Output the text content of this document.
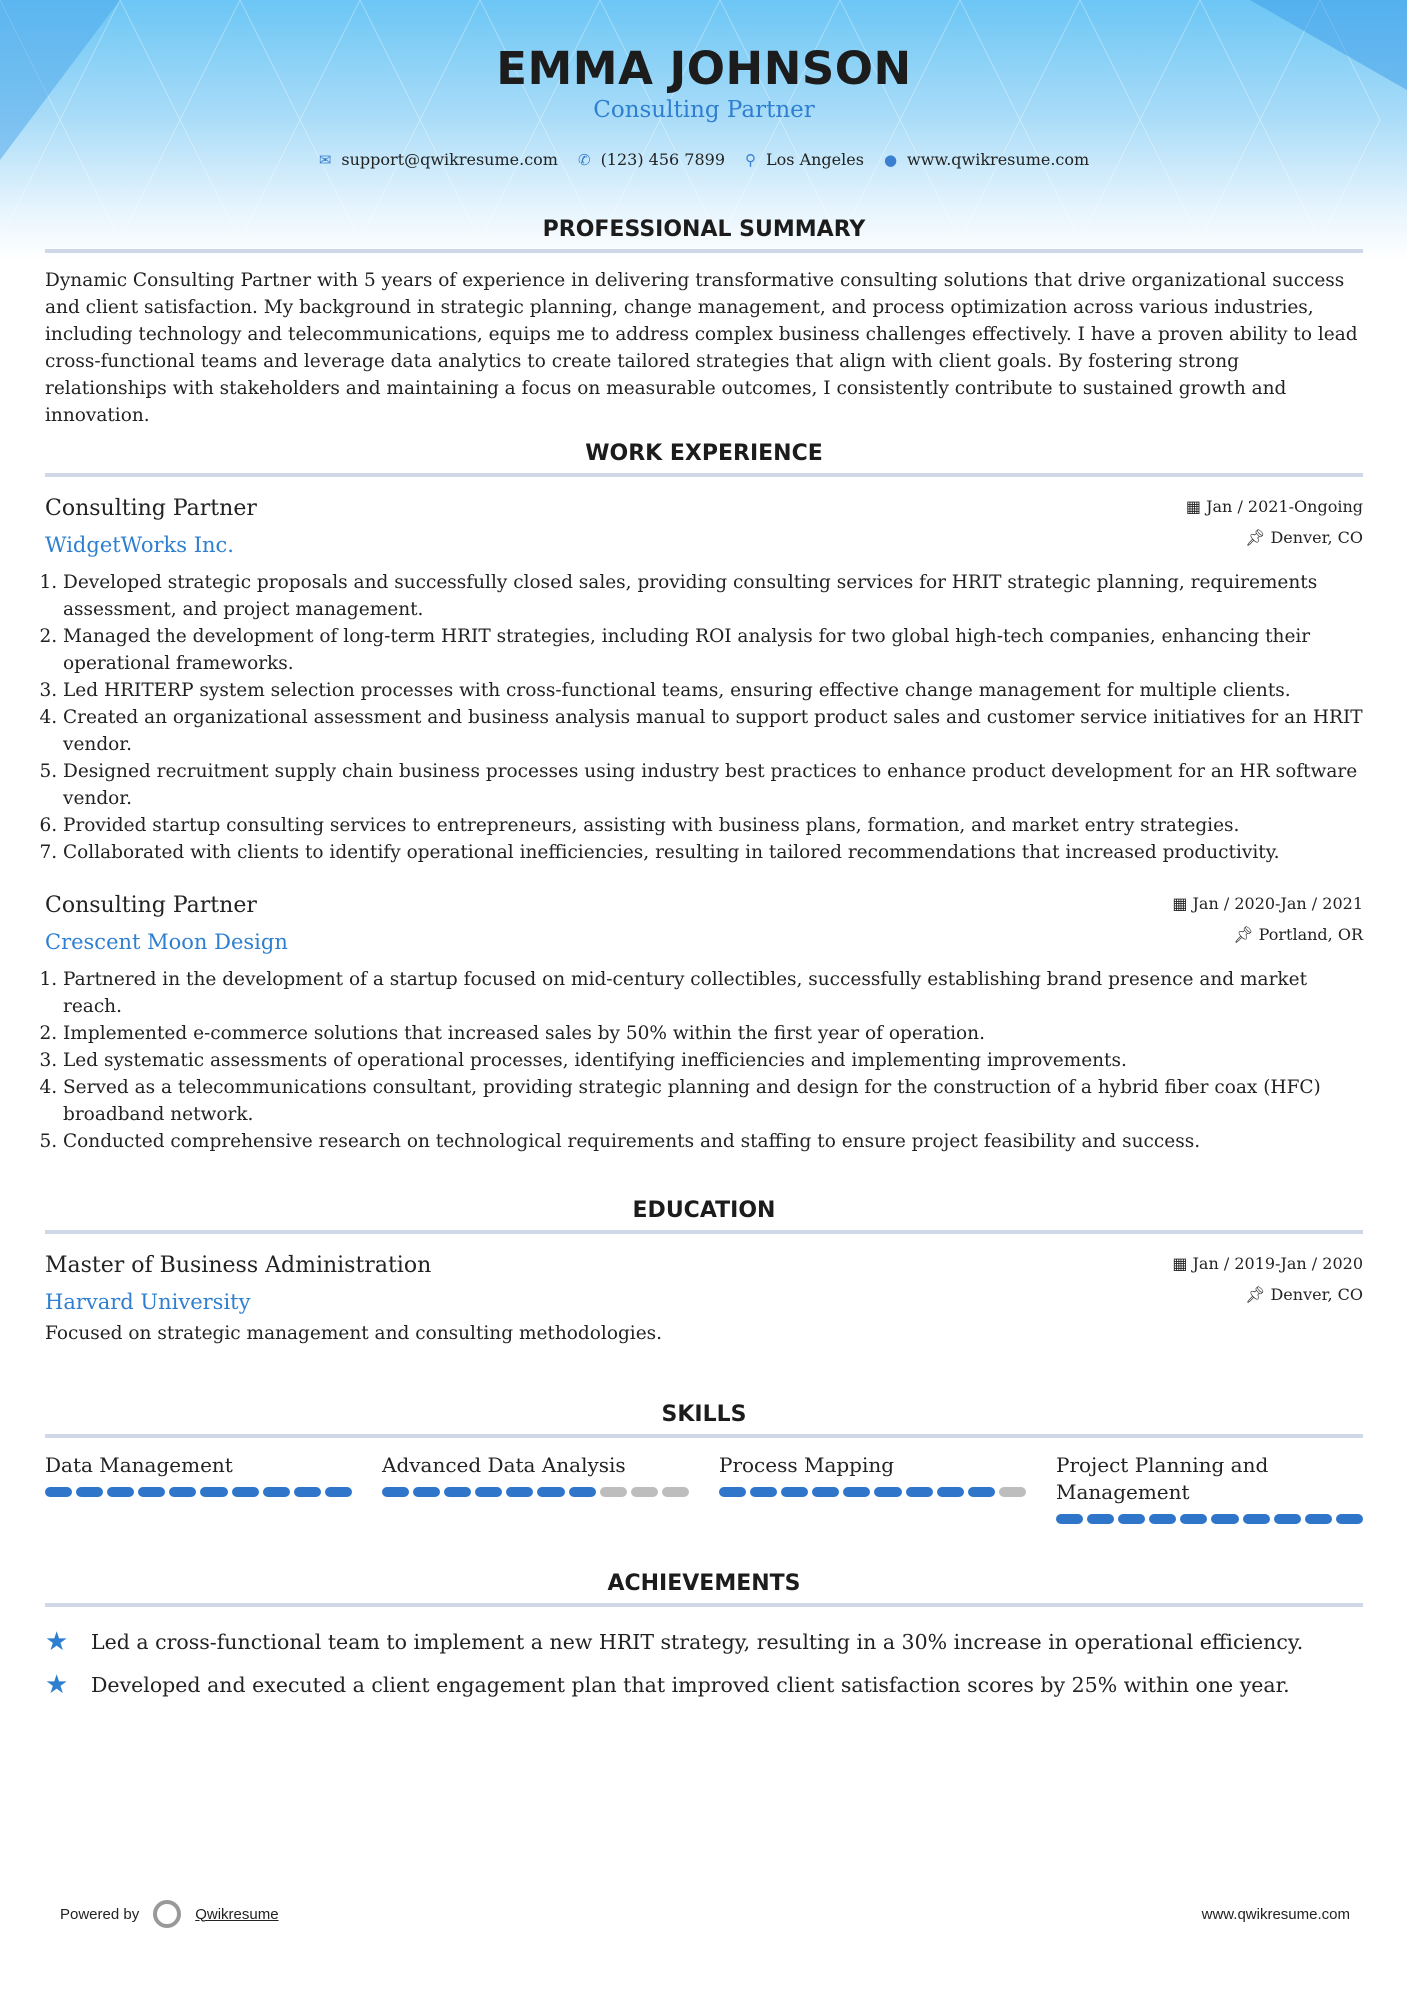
EMMA JOHNSON
Consulting Partner
✉ support@qwikresume.com ✆ (123) 456 7899 ⚲ Los Angeles ● www.qwikresume.com
PROFESSIONAL SUMMARY

Dynamic Consulting Partner with 5 years of experience in delivering transformative consulting solutions that drive organizational success and client satisfaction. My background in strategic planning, change management, and process optimization across various industries, including technology and telecommunications, equips me to address complex business challenges effectively. I have a proven ability to lead cross-functional teams and leverage data analytics to create tailored strategies that align with client goals. By fostering strong relationships with stakeholders and maintaining a focus on measurable outcomes, I consistently contribute to sustained growth and innovation.

WORK EXPERIENCE
Consulting Partner
WidgetWorks Inc.
▦ Jan / 2021-Ongoing
📌︎ Denver, CO
1. Developed strategic proposals and successfully closed sales, providing consulting services for HRIT strategic planning, requirements assessment, and project management.
2. Managed the development of long-term HRIT strategies, including ROI analysis for two global high-tech companies, enhancing their operational frameworks.
3. Led HRITERP system selection processes with cross-functional teams, ensuring effective change management for multiple clients.
4. Created an organizational assessment and business analysis manual to support product sales and customer service initiatives for an HRIT vendor.
5. Designed recruitment supply chain business processes using industry best practices to enhance product development for an HR software vendor.
6. Provided startup consulting services to entrepreneurs, assisting with business plans, formation, and market entry strategies.
7. Collaborated with clients to identify operational inefficiencies, resulting in tailored recommendations that increased productivity.
Consulting Partner
Crescent Moon Design
▦ Jan / 2020-Jan / 2021
📌︎ Portland, OR
1. Partnered in the development of a startup focused on mid-century collectibles, successfully establishing brand presence and market reach.
2. Implemented e-commerce solutions that increased sales by 50% within the first year of operation.
3. Led systematic assessments of operational processes, identifying inefficiencies and implementing improvements.
4. Served as a telecommunications consultant, providing strategic planning and design for the construction of a hybrid fiber coax (HFC) broadband network.
5. Conducted comprehensive research on technological requirements and staffing to ensure project feasibility and success.
EDUCATION
Master of Business Administration
Harvard University
▦ Jan / 2019-Jan / 2020
📌︎ Denver, CO

Focused on strategic management and consulting methodologies.

SKILLS
Data Management	Advanced Data Analysis	Process Mapping	Project Planning and Management
ACHIEVEMENTS
★	Led a cross-functional team to implement a new HRIT strategy, resulting in a 30% increase in operational efficiency.
★	Developed and executed a client engagement plan that improved client satisfaction scores by 25% within one year.
Powered by	Qwikresume	www.qwikresume.com
